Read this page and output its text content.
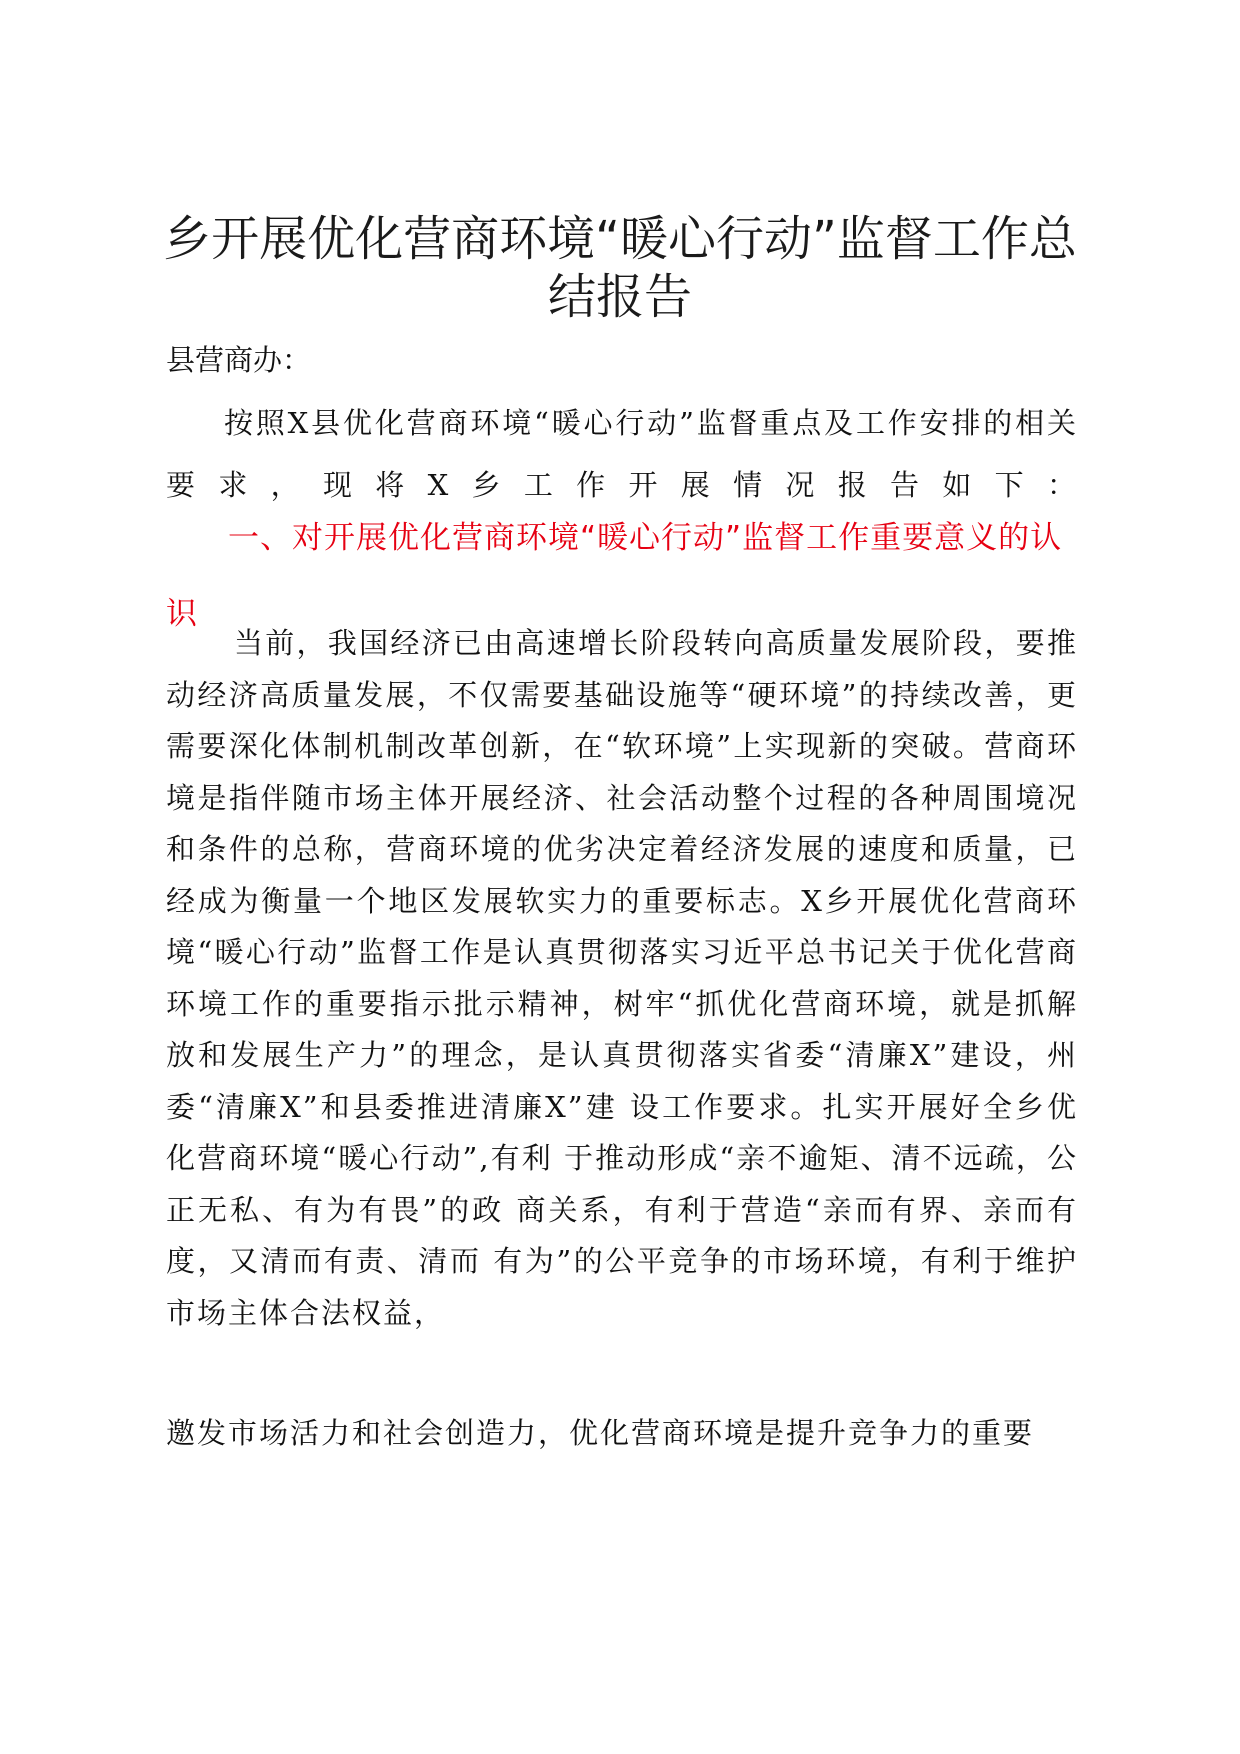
乡开展优化营商环境“暖心行动”监督工作总
结报告
县营商办：
按照X县优化营商环境“暖心行动”监督重点及工作安排的相关要求，现将X乡工作开展情况报告如下：
一、对开展优化营商环境“暖心行动”监督工作重要意义的认识
当前，我国经济已由高速增长阶段转向高质量发展阶段，要推动经济高质量发展，不仅需要基础设施等“硬环境”的持续改善，更需要深化体制机制改革创新，在“软环境”上实现新的突破。营商环境是指伴随市场主体开展经济、社会活动整个过程的各种周围境况和条件的总称，营商环境的优劣决定着经济发展的速度和质量，已经成为衡量一个地区发展软实力的重要标志。X乡开展优化营商环境“暖心行动”监督工作是认真贯彻落实习近平总书记关于优化营商环境工作的重要指示批示精神，树牢“抓优化营商环境，就是抓解放和发展生产力”的理念，是认真贯彻落实省委“清廉X”建设，州委“清廉X”和县委推进清廉X”建 设工作要求。扎实开展好全乡优化营商环境“暖心行动”,有利 于推动形成“亲不逾矩、清不远疏，公正无私、有为有畏”的政 商关系，有利于营造“亲而有界、亲而有度，又清而有责、清而 有为”的公平竞争的市场环境，有利于维护市场主体合法权益，
邀发市场活力和社会创造力，优化营商环境是提升竞争力的重要
